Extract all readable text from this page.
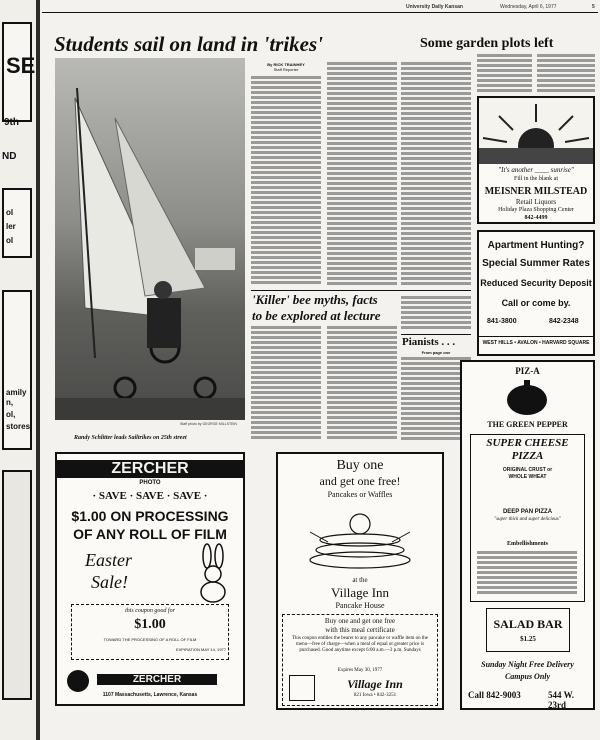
SE
9th
ND
ol
ler
ol
amily
n,
ol,
stores
University Daily Kansan	Wednesday, April 6, 1977	5
Students sail on land in 'trikes'
Staff photo by GEORGE MILLSTEIN
Randy Schlitter leads Sailtrikes on 25th street
By RICK TRAINHEY
Staff Reporter
'Killer' bee myths, facts
to be explored at lecture
Pianists . . .
From page one
Some garden plots left
"It's another ____ sunrise"
Fill in the blank at
MEISNER MILSTEAD
Retail Liquors
Holiday Plaza Shopping Center
842-4499
Apartment Hunting?
Special Summer Rates
Reduced Security Deposit
Call or come by.
841-3800	842-2348
WEST HILLS • AVALON • HARVARD SQUARE
ZERCHER
PHOTO
· SAVE · SAVE · SAVE ·
$1.00 ON PROCESSING
OF ANY ROLL OF FILM
Easter
Sale!
this coupon good for
$1.00
TOWARD THE PROCESSING OF A ROLL OF FILM
EXPIRATION MAY 14, 1977
ZERCHER
1107 Massachusetts, Lawrence, Kansas
Buy one
and get one free!
Pancakes or Waffles
at the
Village Inn
Pancake House
Buy one and get one free
with this meal certificate
This coupon entitles the bearer to any pancake or waffle item on the menu—free of charge—when a meal of equal or greater price is purchased. Good anytime except 6:00 a.m.—3 p.m. Sundays
Expires May 30, 1977
Village Inn
821 Iowa • 842-3251
PIZ-A
THE GREEN PEPPER
SUPER CHEESE
PIZZA
ORIGINAL CRUST or
WHOLE WHEAT
DEEP PAN PIZZA
"super thick and super delicious"
Embellishments
SALAD BAR
$1.25
Sunday Night Free Delivery
Campus Only
Call 842-9003	544 W. 23rd
